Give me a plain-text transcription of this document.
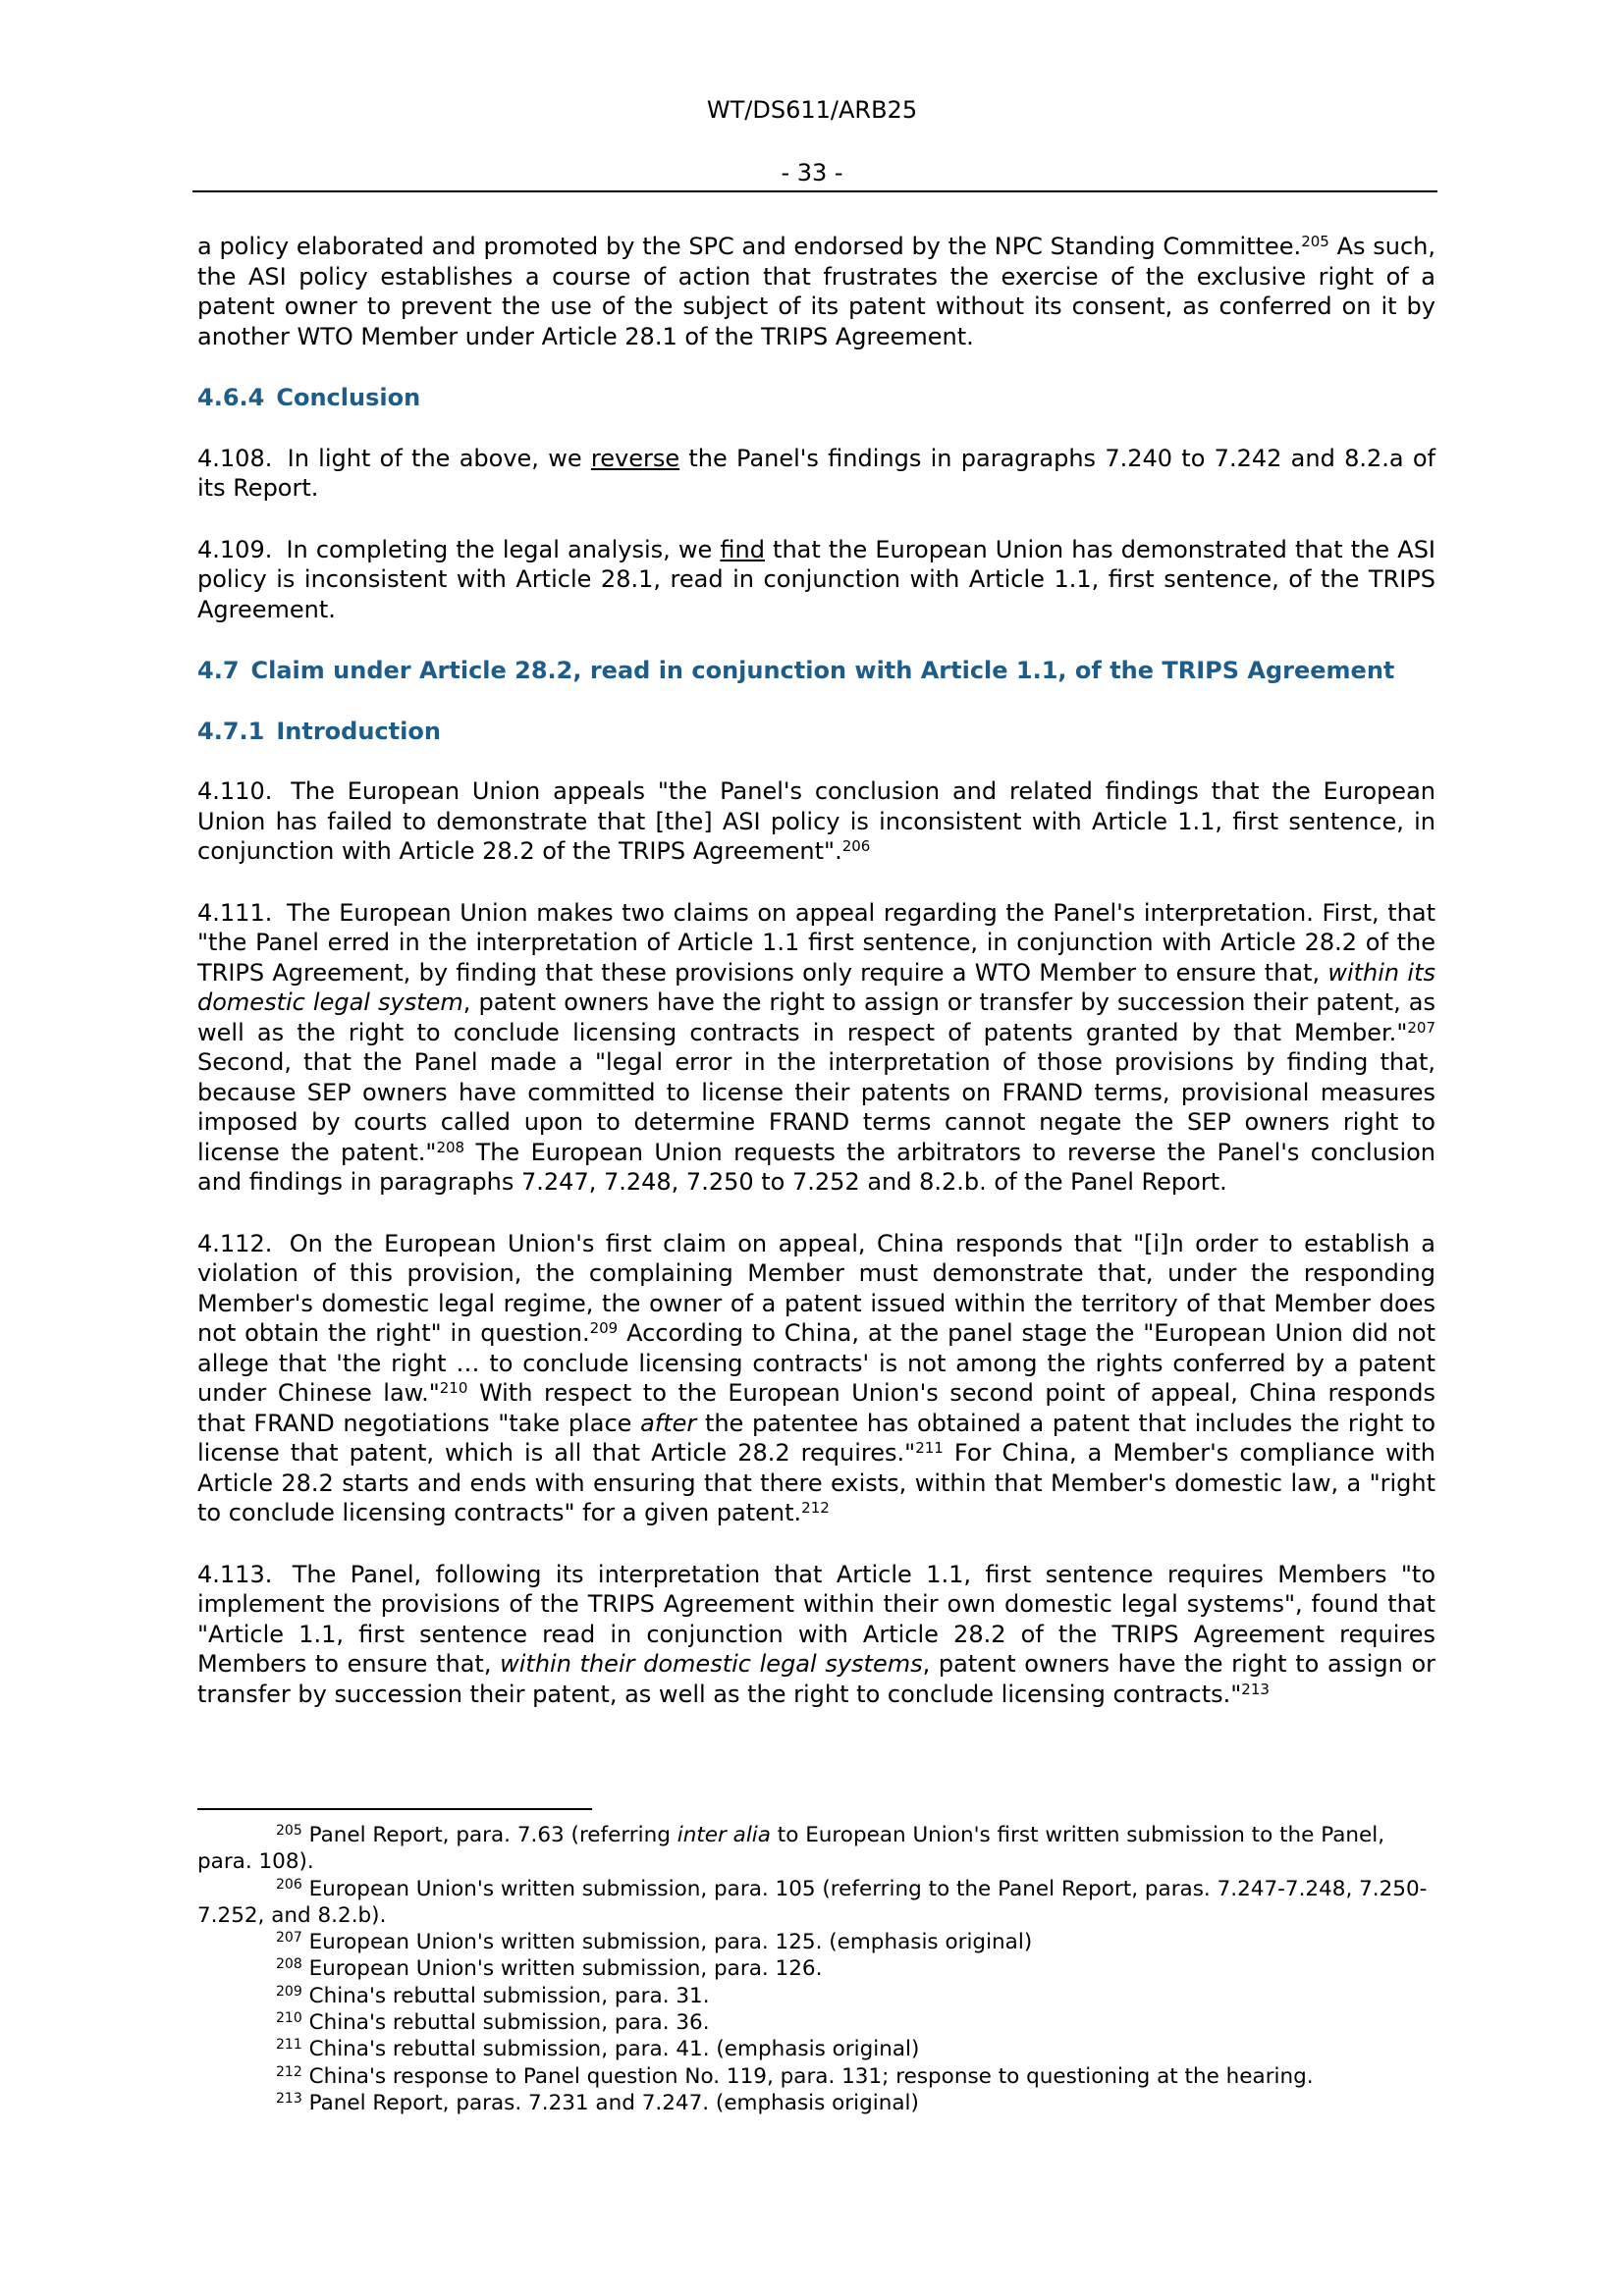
WT/DS611/ARB25
- 33 -

a policy elaborated and promoted by the SPC and endorsed by the NPC Standing Committee.$^{205}$ As such, the ASI policy establishes a course of action that frustrates the exercise of the exclusive right of a patent owner to prevent the use of the subject of its patent without its consent, as conferred on it by another WTO Member under Article 28.1 of the TRIPS Agreement.

4.6.4 Conclusion

4.108. In light of the above, we reverse the Panel's findings in paragraphs 7.240 to 7.242 and 8.2.a of its Report.

4.109. In completing the legal analysis, we find that the European Union has demonstrated that the ASI policy is inconsistent with Article 28.1, read in conjunction with Article 1.1, first sentence, of the TRIPS Agreement.

4.7 Claim under Article 28.2, read in conjunction with Article 1.1, of the TRIPS Agreement
4.7.1 Introduction

4.110. The European Union appeals "the Panel's conclusion and related findings that the European Union has failed to demonstrate that [the] ASI policy is inconsistent with Article 1.1, first sentence, in conjunction with Article 28.2 of the TRIPS Agreement".$^{206}$

4.111. The European Union makes two claims on appeal regarding the Panel's interpretation. First, that "the Panel erred in the interpretation of Article 1.1 first sentence, in conjunction with Article 28.2 of the TRIPS Agreement, by finding that these provisions only require a WTO Member to ensure that, within its domestic legal system, patent owners have the right to assign or transfer by succession their patent, as well as the right to conclude licensing contracts in respect of patents granted by that Member."$^{207}$ Second, that the Panel made a "legal error in the interpretation of those provisions by finding that, because SEP owners have committed to license their patents on FRAND terms, provisional measures imposed by courts called upon to determine FRAND terms cannot negate the SEP owners right to license the patent."$^{208}$ The European Union requests the arbitrators to reverse the Panel's conclusion and findings in paragraphs 7.247, 7.248, 7.250 to 7.252 and 8.2.b. of the Panel Report.

4.112. On the European Union's first claim on appeal, China responds that "[i]n order to establish a violation of this provision, the complaining Member must demonstrate that, under the responding Member's domestic legal regime, the owner of a patent issued within the territory of that Member does not obtain the right" in question.$^{209}$ According to China, at the panel stage the "European Union did not allege that 'the right … to conclude licensing contracts' is not among the rights conferred by a patent under Chinese law."$^{210}$ With respect to the European Union's second point of appeal, China responds that FRAND negotiations "take place after the patentee has obtained a patent that includes the right to license that patent, which is all that Article 28.2 requires."$^{211}$ For China, a Member's compliance with Article 28.2 starts and ends with ensuring that there exists, within that Member's domestic law, a "right to conclude licensing contracts" for a given patent.$^{212}$

4.113. The Panel, following its interpretation that Article 1.1, first sentence requires Members "to implement the provisions of the TRIPS Agreement within their own domestic legal systems", found that "Article 1.1, first sentence read in conjunction with Article 28.2 of the TRIPS Agreement requires Members to ensure that, within their domestic legal systems, patent owners have the right to assign or transfer by succession their patent, as well as the right to conclude licensing contracts."$^{213}$

$^{205}$ Panel Report, para. 7.63 (referring inter alia to European Union's first written submission to the Panel, para. 108).

$^{206}$ European Union's written submission, para. 105 (referring to the Panel Report, paras. 7.247-7.248, 7.250-7.252, and 8.2.b).

$^{207}$ European Union's written submission, para. 125. (emphasis original)

$^{208}$ European Union's written submission, para. 126.

$^{209}$ China's rebuttal submission, para. 31.

$^{210}$ China's rebuttal submission, para. 36.

$^{211}$ China's rebuttal submission, para. 41. (emphasis original)

$^{212}$ China's response to Panel question No. 119, para. 131; response to questioning at the hearing.

$^{213}$ Panel Report, paras. 7.231 and 7.247. (emphasis original)
